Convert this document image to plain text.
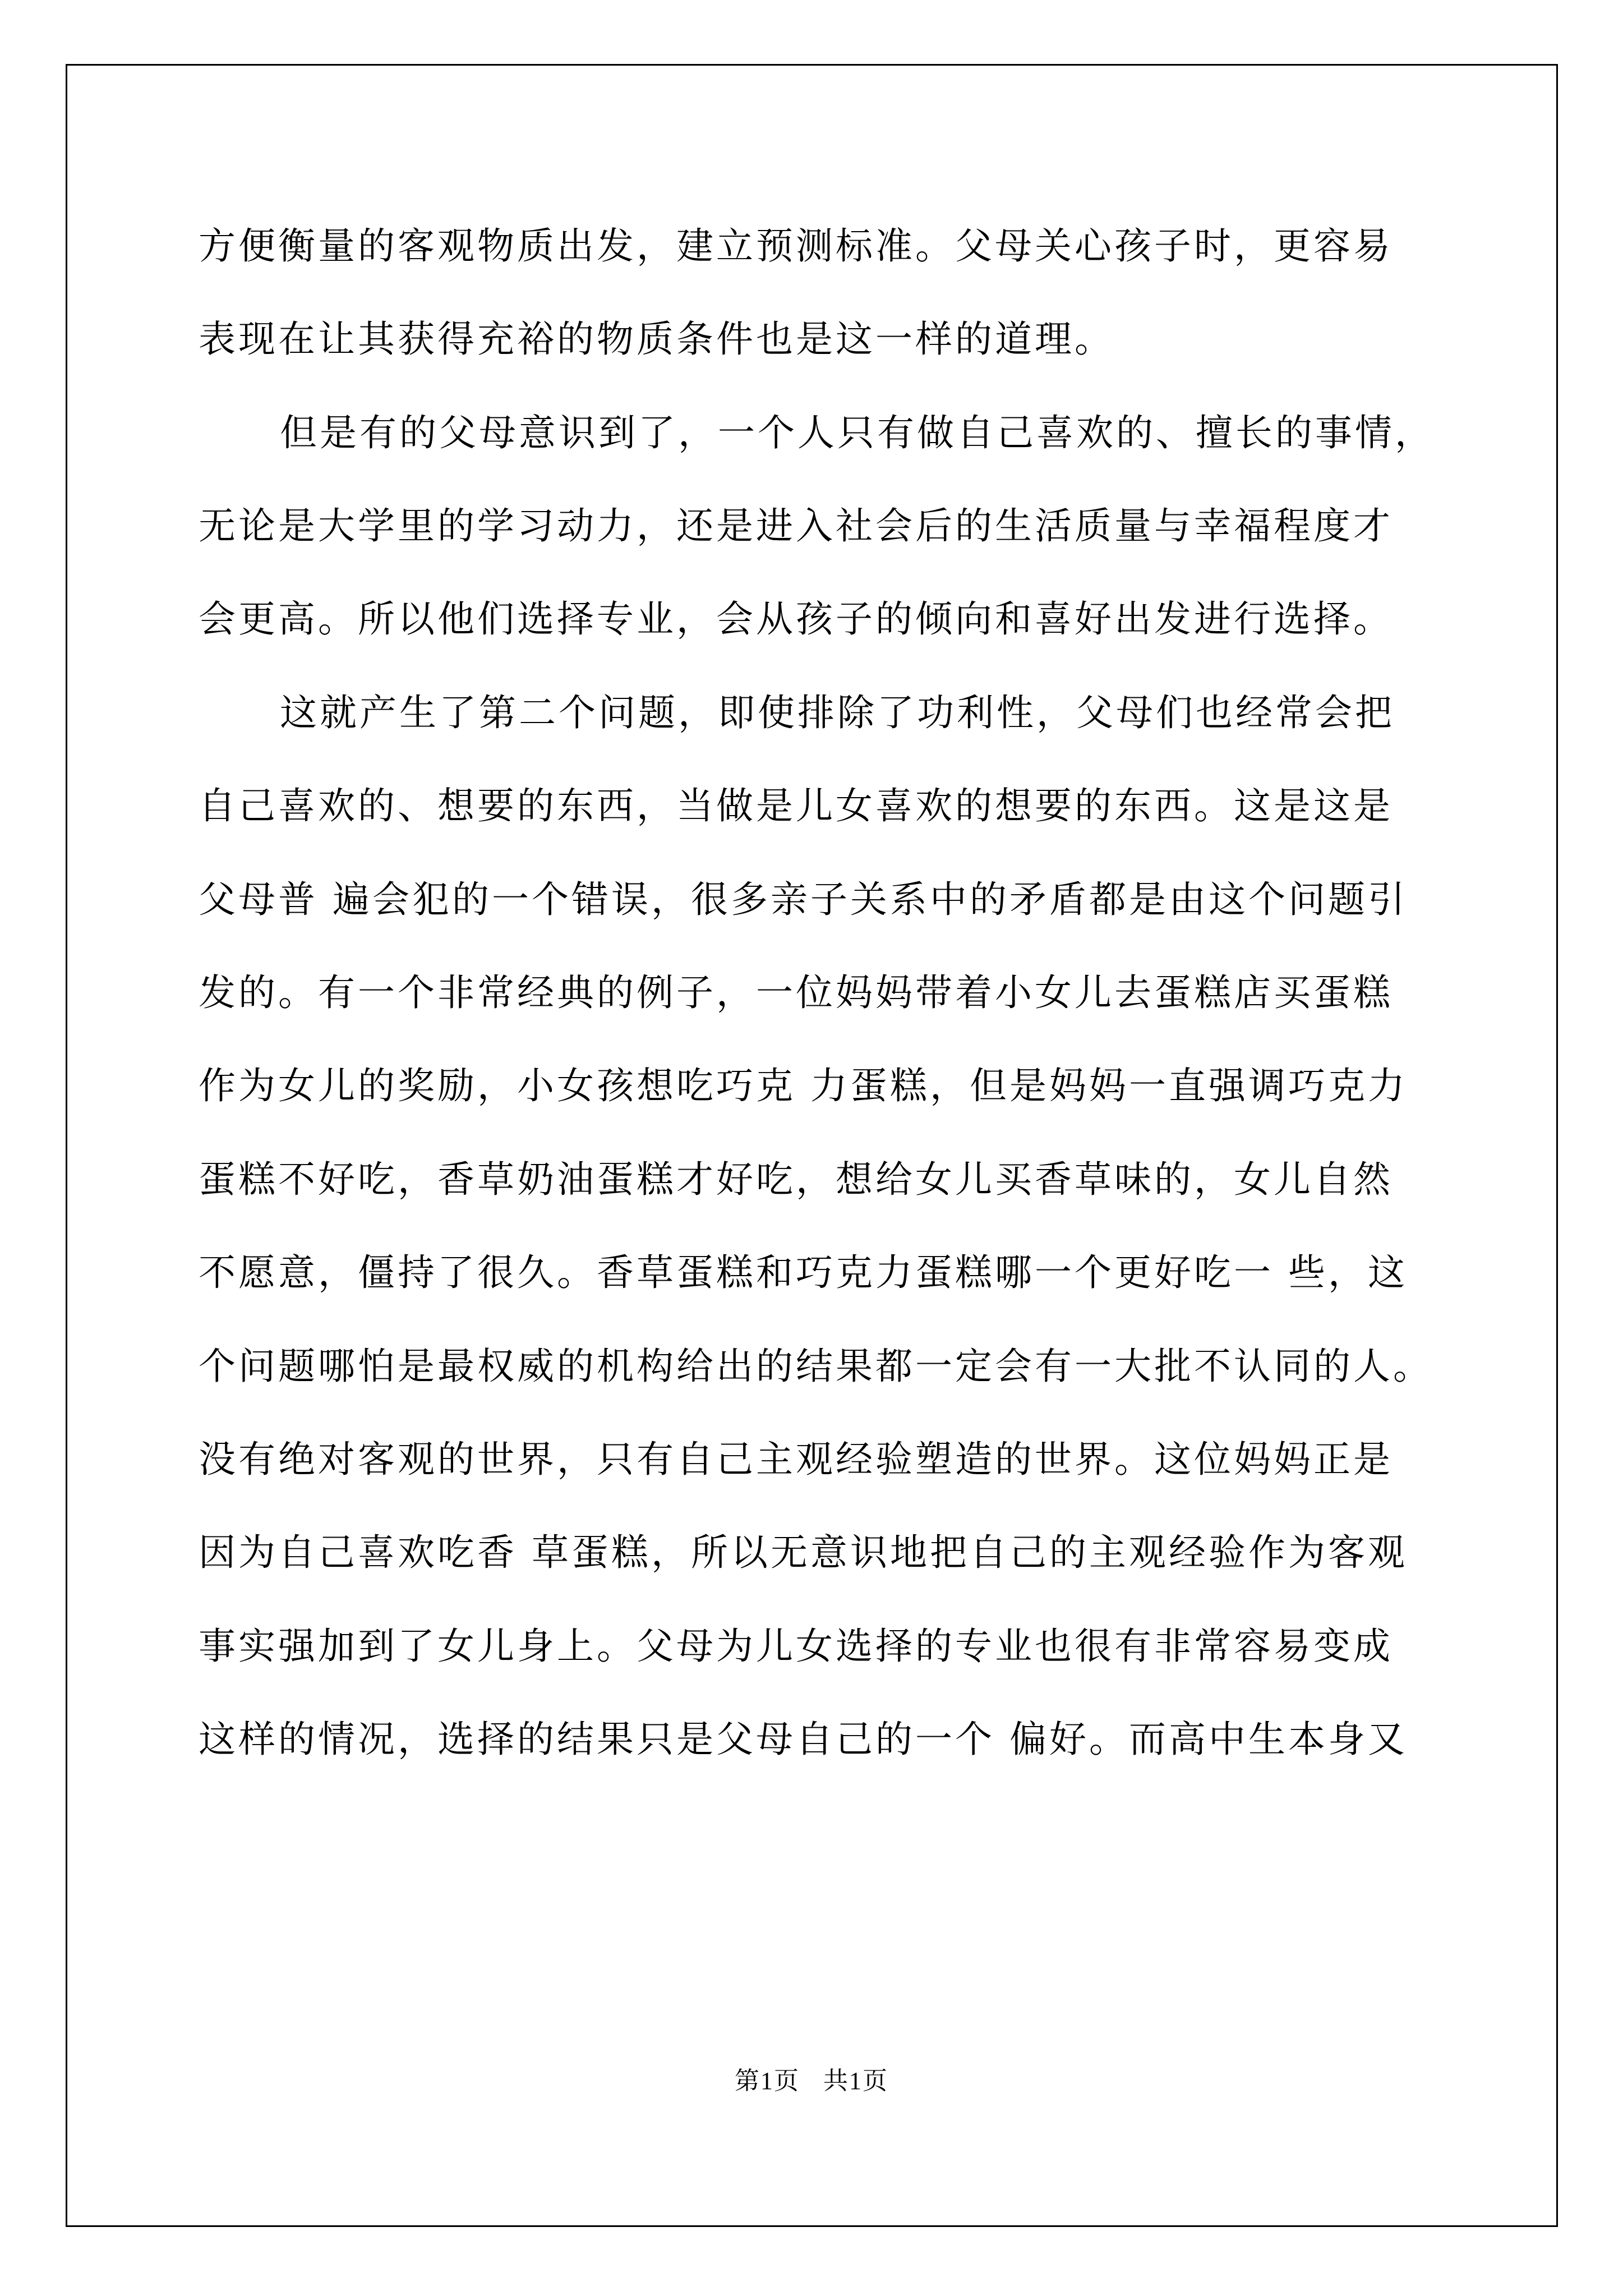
方便衡量的客观物质出发，建立预测标准。父母关心孩子时，更容易
表现在让其获得充裕的物质条件也是这一样的道理。
但是有的父母意识到了，一个人只有做自己喜欢的、擅长的事情，
无论是大学里的学习动力，还是进入社会后的生活质量与幸福程度才
会更高。所以他们选择专业，会从孩子的倾向和喜好出发进行选择。
这就产生了第二个问题，即使排除了功利性，父母们也经常会把
自己喜欢的、想要的东西，当做是儿女喜欢的想要的东西。这是这是
父母普 遍会犯的一个错误，很多亲子关系中的矛盾都是由这个问题引
发的。有一个非常经典的例子，一位妈妈带着小女儿去蛋糕店买蛋糕
作为女儿的奖励，小女孩想吃巧克 力蛋糕，但是妈妈一直强调巧克力
蛋糕不好吃，香草奶油蛋糕才好吃，想给女儿买香草味的，女儿自然
不愿意，僵持了很久。香草蛋糕和巧克力蛋糕哪一个更好吃一 些，这
个问题哪怕是最权威的机构给出的结果都一定会有一大批不认同的人。
没有绝对客观的世界，只有自己主观经验塑造的世界。这位妈妈正是
因为自己喜欢吃香 草蛋糕，所以无意识地把自己的主观经验作为客观
事实强加到了女儿身上。父母为儿女选择的专业也很有非常容易变成
这样的情况，选择的结果只是父母自己的一个 偏好。而高中生本身又
第1页 共1页
